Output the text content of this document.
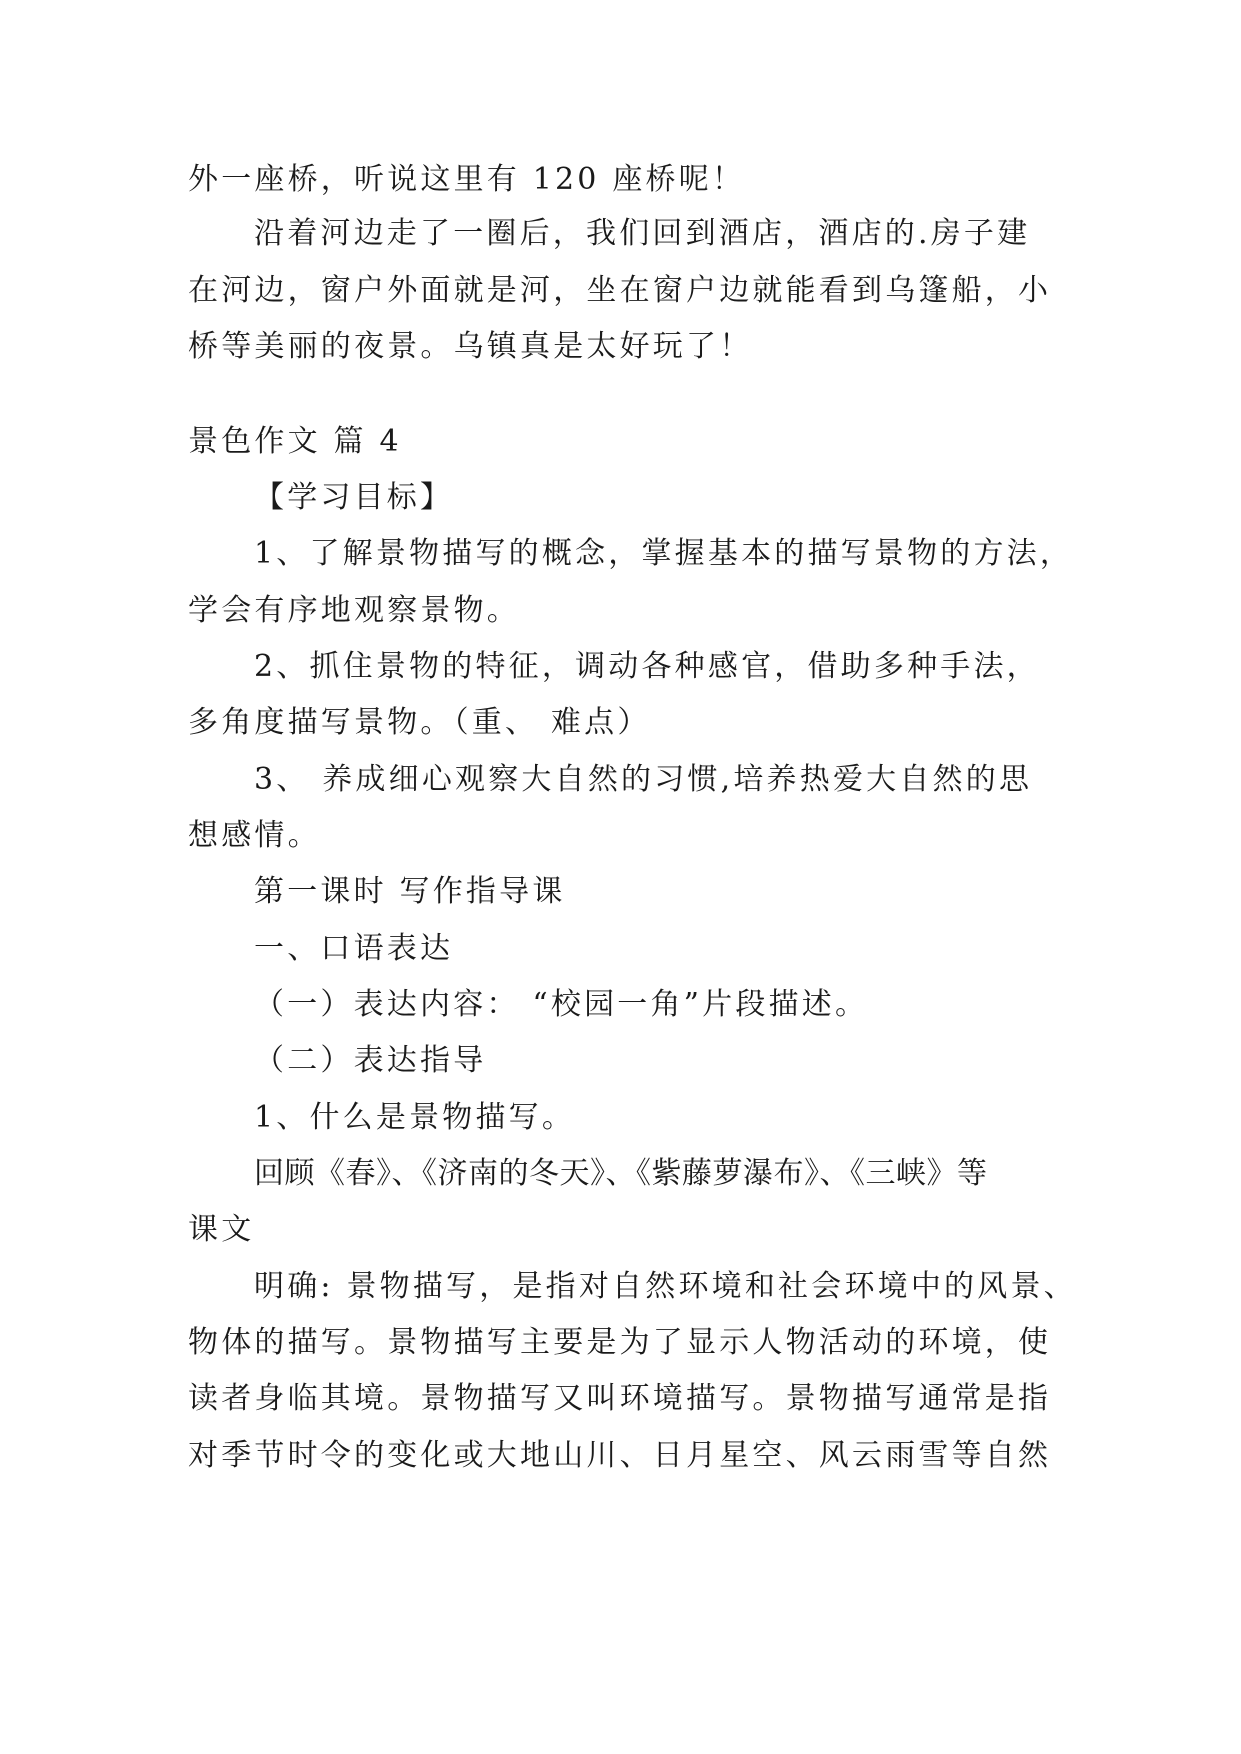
外一座桥，听说这里有 120 座桥呢！
沿着河边走了一圈后，我们回到酒店，酒店的.房子建
在河边，窗户外面就是河，坐在窗户边就能看到乌篷船，小
桥等美丽的夜景。乌镇真是太好玩了！
景色作文 篇 4
【学习目标】
1、了解景物描写的概念，掌握基本的描写景物的方法，
学会有序地观察景物。
2、抓住景物的特征，调动各种感官，借助多种手法，
多角度描写景物。（重、 难点）
3、 养成细心观察大自然的习惯,培养热爱大自然的思
想感情。
第一课时 写作指导课
一、口语表达
（一）表达内容： “校园一角”片段描述。
（二）表达指导
1、什么是景物描写。
回顾《春》、《济南的冬天》、《紫藤萝瀑布》、《三峡》等
课文
明确: 景物描写，是指对自然环境和社会环境中的风景、
物体的描写。景物描写主要是为了显示人物活动的环境，使
读者身临其境。景物描写又叫环境描写。景物描写通常是指
对季节时令的变化或大地山川、日月星空、风云雨雪等自然
